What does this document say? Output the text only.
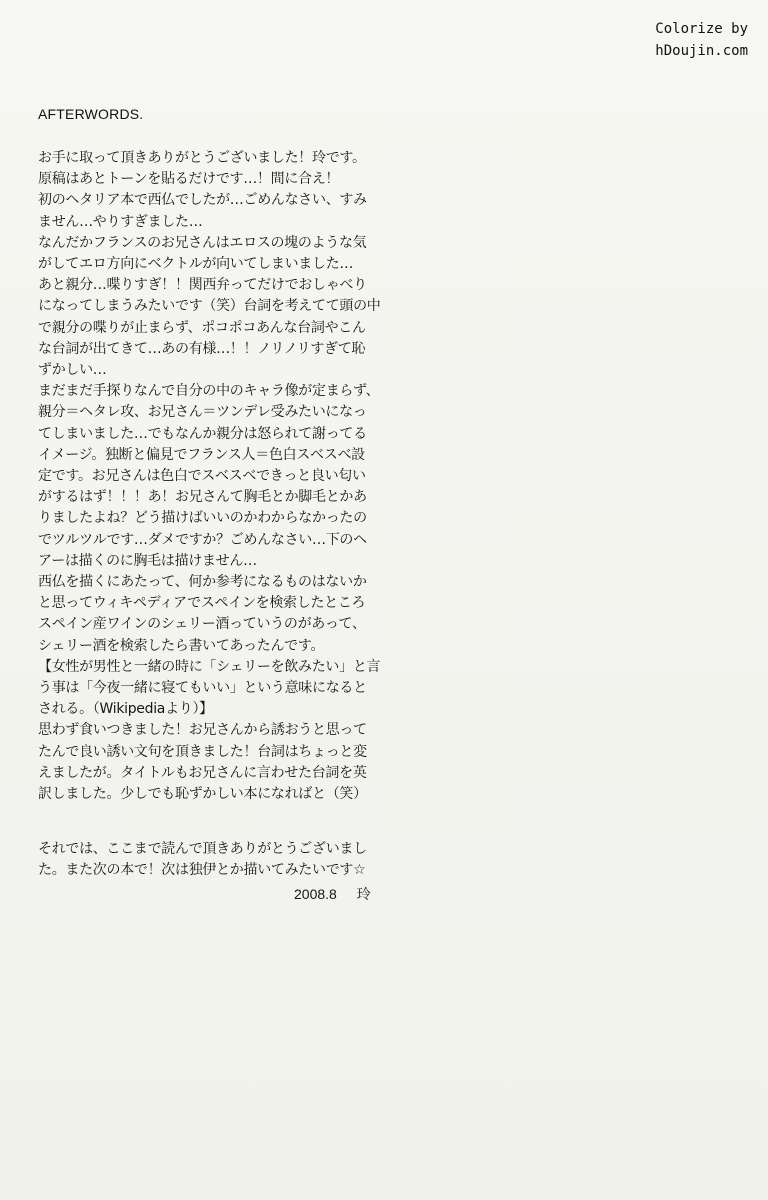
Colorize by
hDoujin.com
AFTERWORDS.
お手に取って頂きありがとうございました！玲です。
原稿はあとトーンを貼るだけです…！間に合え！
初のヘタリア本で西仏でしたが…ごめんなさい、すみ
ません…やりすぎました…
なんだかフランスのお兄さんはエロスの塊のような気
がしてエロ方向にベクトルが向いてしまいました…
あと親分…喋りすぎ！！関西弁ってだけでおしゃべり
になってしまうみたいです（笑）台詞を考えてて頭の中
で親分の喋りが止まらず、ポコポコあんな台詞やこん
な台詞が出てきて…あの有様…！！ノリノリすぎて恥
ずかしい…
まだまだ手探りなんで自分の中のキャラ像が定まらず、
親分＝ヘタレ攻、お兄さん＝ツンデレ受みたいになっ
てしまいました…でもなんか親分は怒られて謝ってる
イメージ。独断と偏見でフランス人＝色白スベスベ設
定です。お兄さんは色白でスベスベできっと良い匂い
がするはず！！！あ！お兄さんて胸毛とか脚毛とかあ
りましたよね？どう描けばいいのかわからなかったの
でツルツルです…ダメですか？ごめんなさい…下のヘ
アーは描くのに胸毛は描けません…
西仏を描くにあたって、何か参考になるものはないか
と思ってウィキペディアでスペインを検索したところ
スペイン産ワインのシェリー酒っていうのがあって、
シェリー酒を検索したら書いてあったんです。
【女性が男性と一緒の時に「シェリーを飲みたい」と言
う事は「今夜一緒に寝てもいい」という意味になると
される。（Wikipediaより）】
思わず食いつきました！お兄さんから誘おうと思って
たんで良い誘い文句を頂きました！台詞はちょっと変
えましたが。タイトルもお兄さんに言わせた台詞を英
訳しました。少しでも恥ずかしい本になればと（笑）
それでは、ここまで読んで頂きありがとうございまし
た。また次の本で！次は独伊とか描いてみたいです☆
2008.8 玲
